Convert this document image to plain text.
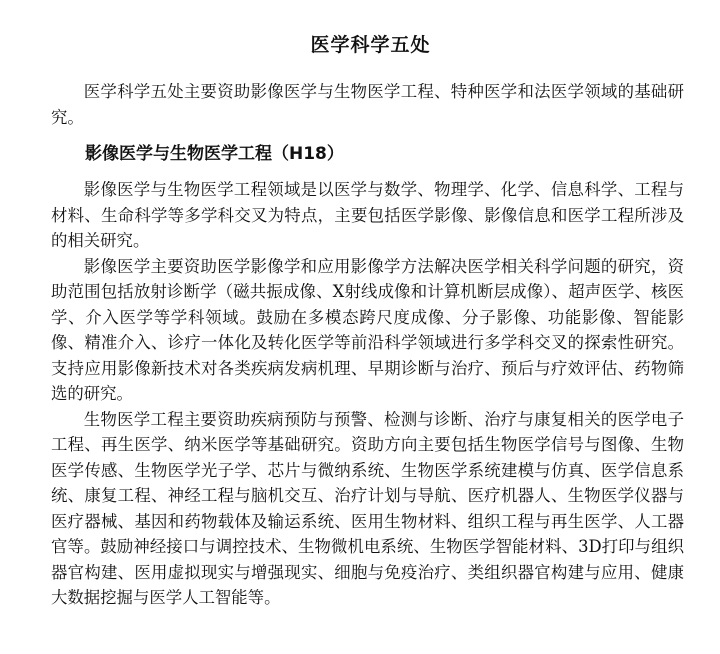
医学科学五处

医学科学五处主要资助影像医学与生物医学工程、特种医学和法医学领域的基础研究。

影像医学与生物医学工程（H18）

影像医学与生物医学工程领域是以医学与数学、物理学、化学、信息科学、工程与材料、生命科学等多学科交叉为特点，主要包括医学影像、影像信息和医学工程所涉及的相关研究。

影像医学主要资助医学影像学和应用影像学方法解决医学相关科学问题的研究，资助范围包括放射诊断学（磁共振成像、X射线成像和计算机断层成像）、超声医学、核医学、介入医学等学科领域。鼓励在多模态跨尺度成像、分子影像、功能影像、智能影像、精准介入、诊疗一体化及转化医学等前沿科学领域进行多学科交叉的探索性研究。支持应用影像新技术对各类疾病发病机理、早期诊断与治疗、预后与疗效评估、药物筛选的研究。

生物医学工程主要资助疾病预防与预警、检测与诊断、治疗与康复相关的医学电子工程、再生医学、纳米医学等基础研究。资助方向主要包括生物医学信号与图像、生物医学传感、生物医学光子学、芯片与微纳系统、生物医学系统建模与仿真、医学信息系统、康复工程、神经工程与脑机交互、治疗计划与导航、医疗机器人、生物医学仪器与医疗器械、基因和药物载体及输运系统、医用生物材料、组织工程与再生医学、人工器官等。鼓励神经接口与调控技术、生物微机电系统、生物医学智能材料、3D打印与组织器官构建、医用虚拟现实与增强现实、细胞与免疫治疗、类组织器官构建与应用、健康大数据挖掘与医学人工智能等。
